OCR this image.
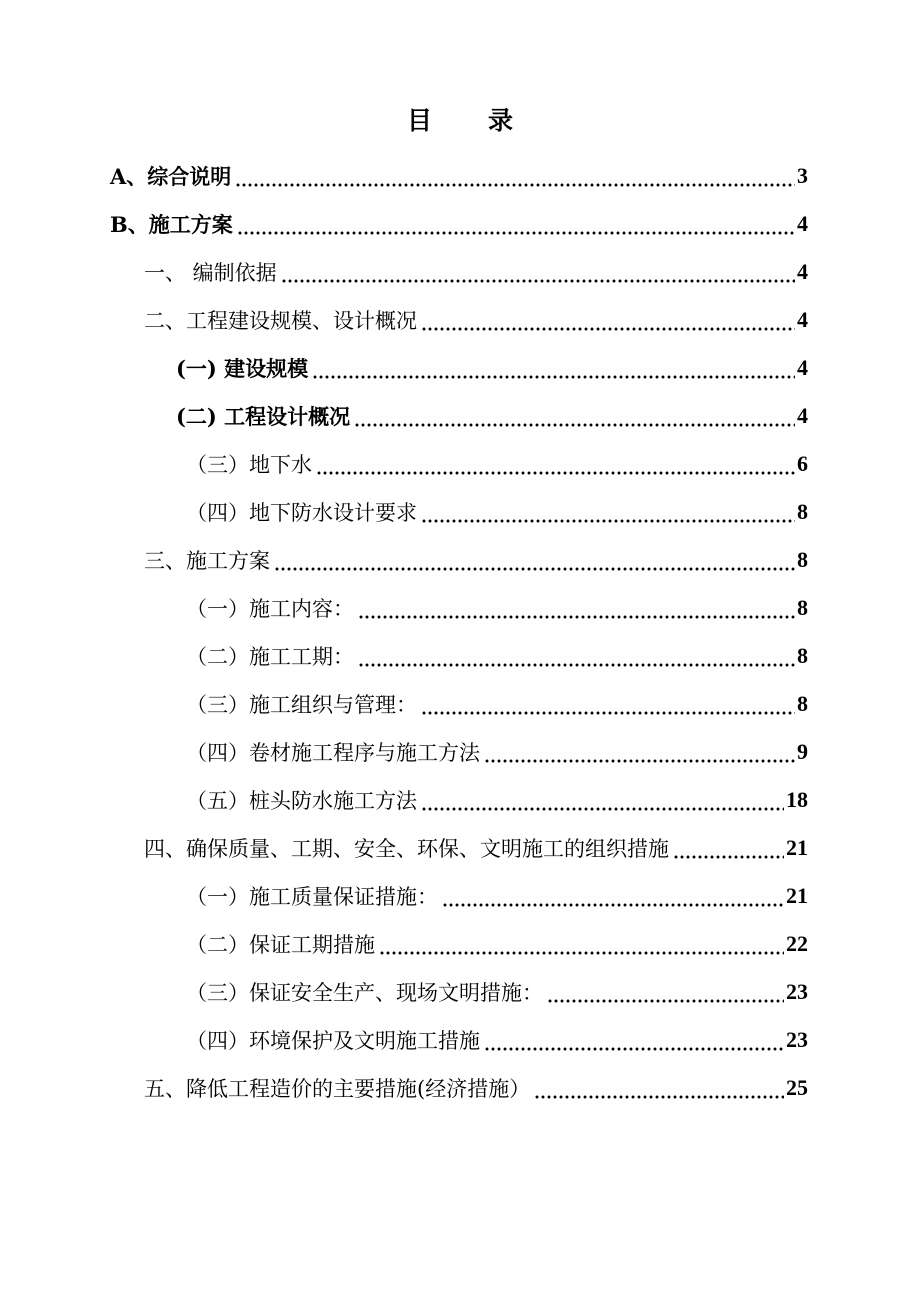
目 录
A、综合说明	3
B、施工方案	4
一、 编制依据	4
二、工程建设规模、设计概况	4
(一) 建设规模	4
(二) 工程设计概况	4
（三）地下水	6
（四）地下防水设计要求	8
三、施工方案	8
（一）施工内容：	8
（二）施工工期：	8
（三）施工组织与管理：	8
（四）卷材施工程序与施工方法	9
（五）桩头防水施工方法	18
四、确保质量、工期、安全、环保、文明施工的组织措施	21
（一）施工质量保证措施：	21
（二）保证工期措施	22
（三）保证安全生产、现场文明措施：	23
（四）环境保护及文明施工措施	23
五、降低工程造价的主要措施(经济措施）	25
